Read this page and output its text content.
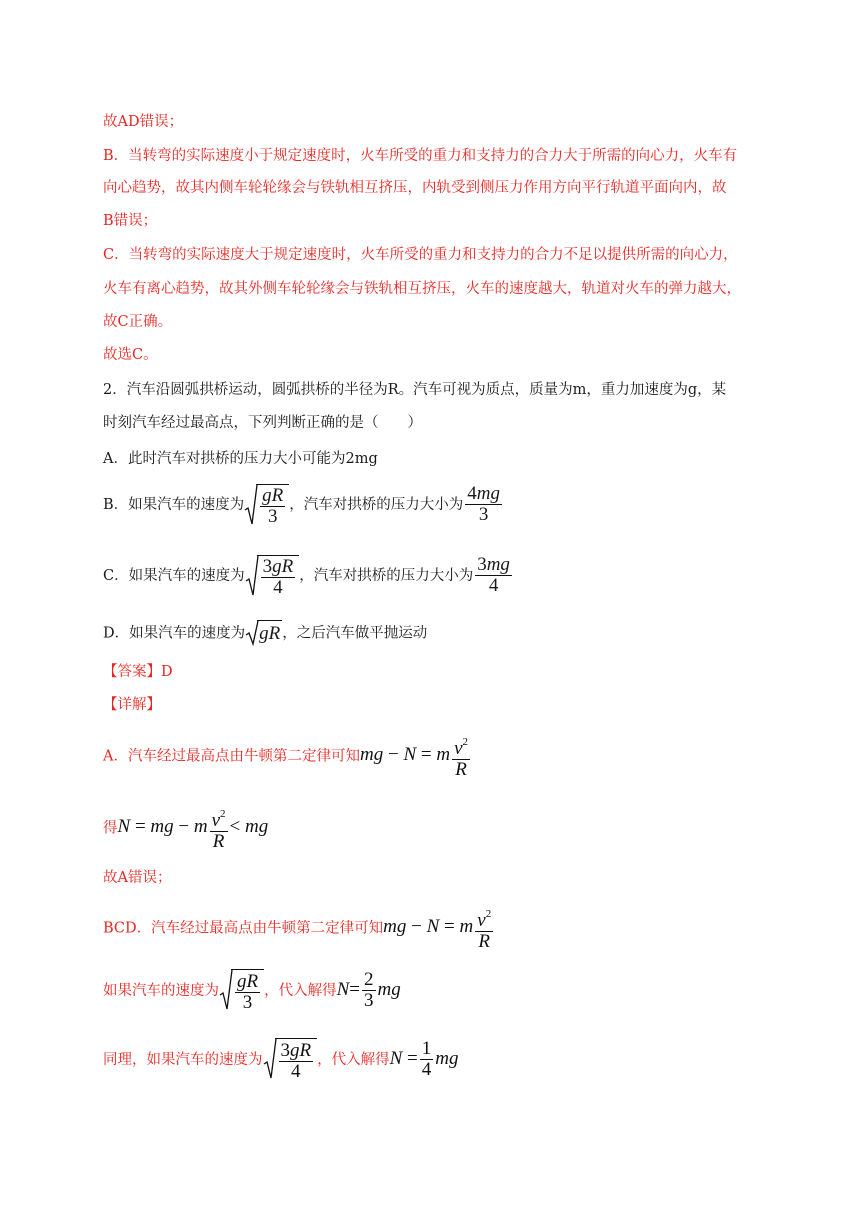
故AD错误；
B．当转弯的实际速度小于规定速度时，火车所受的重力和支持力的合力大于所需的向心力，火车有
向心趋势，故其内侧车轮轮缘会与铁轨相互挤压，内轨受到侧压力作用方向平行轨道平面向内，故
B错误；
C．当转弯的实际速度大于规定速度时，火车所受的重力和支持力的合力不足以提供所需的向心力，
火车有离心趋势，故其外侧车轮轮缘会与铁轨相互挤压，火车的速度越大，轨道对火车的弹力越大，
故C正确。
故选C。
2．汽车沿圆弧拱桥运动，圆弧拱桥的半径为R。汽车可视为质点，质量为m，重力加速度为g，某
时刻汽车经过最高点，下列判断正确的是（　　）
A．此时汽车对拱桥的压力大小可能为2mg
B．如果汽车的速度为 $\frac{gR}{3}$ ，汽车对拱桥的压力大小为 $\frac{4mg}{3}$
C．如果汽车的速度为 $\frac{3gR}{4}$ ，汽车对拱桥的压力大小为 $\frac{3mg}{4}$
D．如果汽车的速度为 gR ，之后汽车做平抛运动
【答案】D
【详解】
A．汽车经过最高点由牛顿第二定律可知mg − N = m $\frac{v^2}{R}$
得N = mg − m $\frac{v^2}{R}$ < mg
故A错误；
BCD．汽车经过最高点由牛顿第二定律可知mg − N = m $\frac{v^2}{R}$
如果汽车的速度为 $\frac{gR}{3}$ ，代入解得$N= \frac{2}{3}$ mg
同理，如果汽车的速度为 $\frac{3gR}{4}$ ，代入解得$N = \frac{1}{4}$ mg
